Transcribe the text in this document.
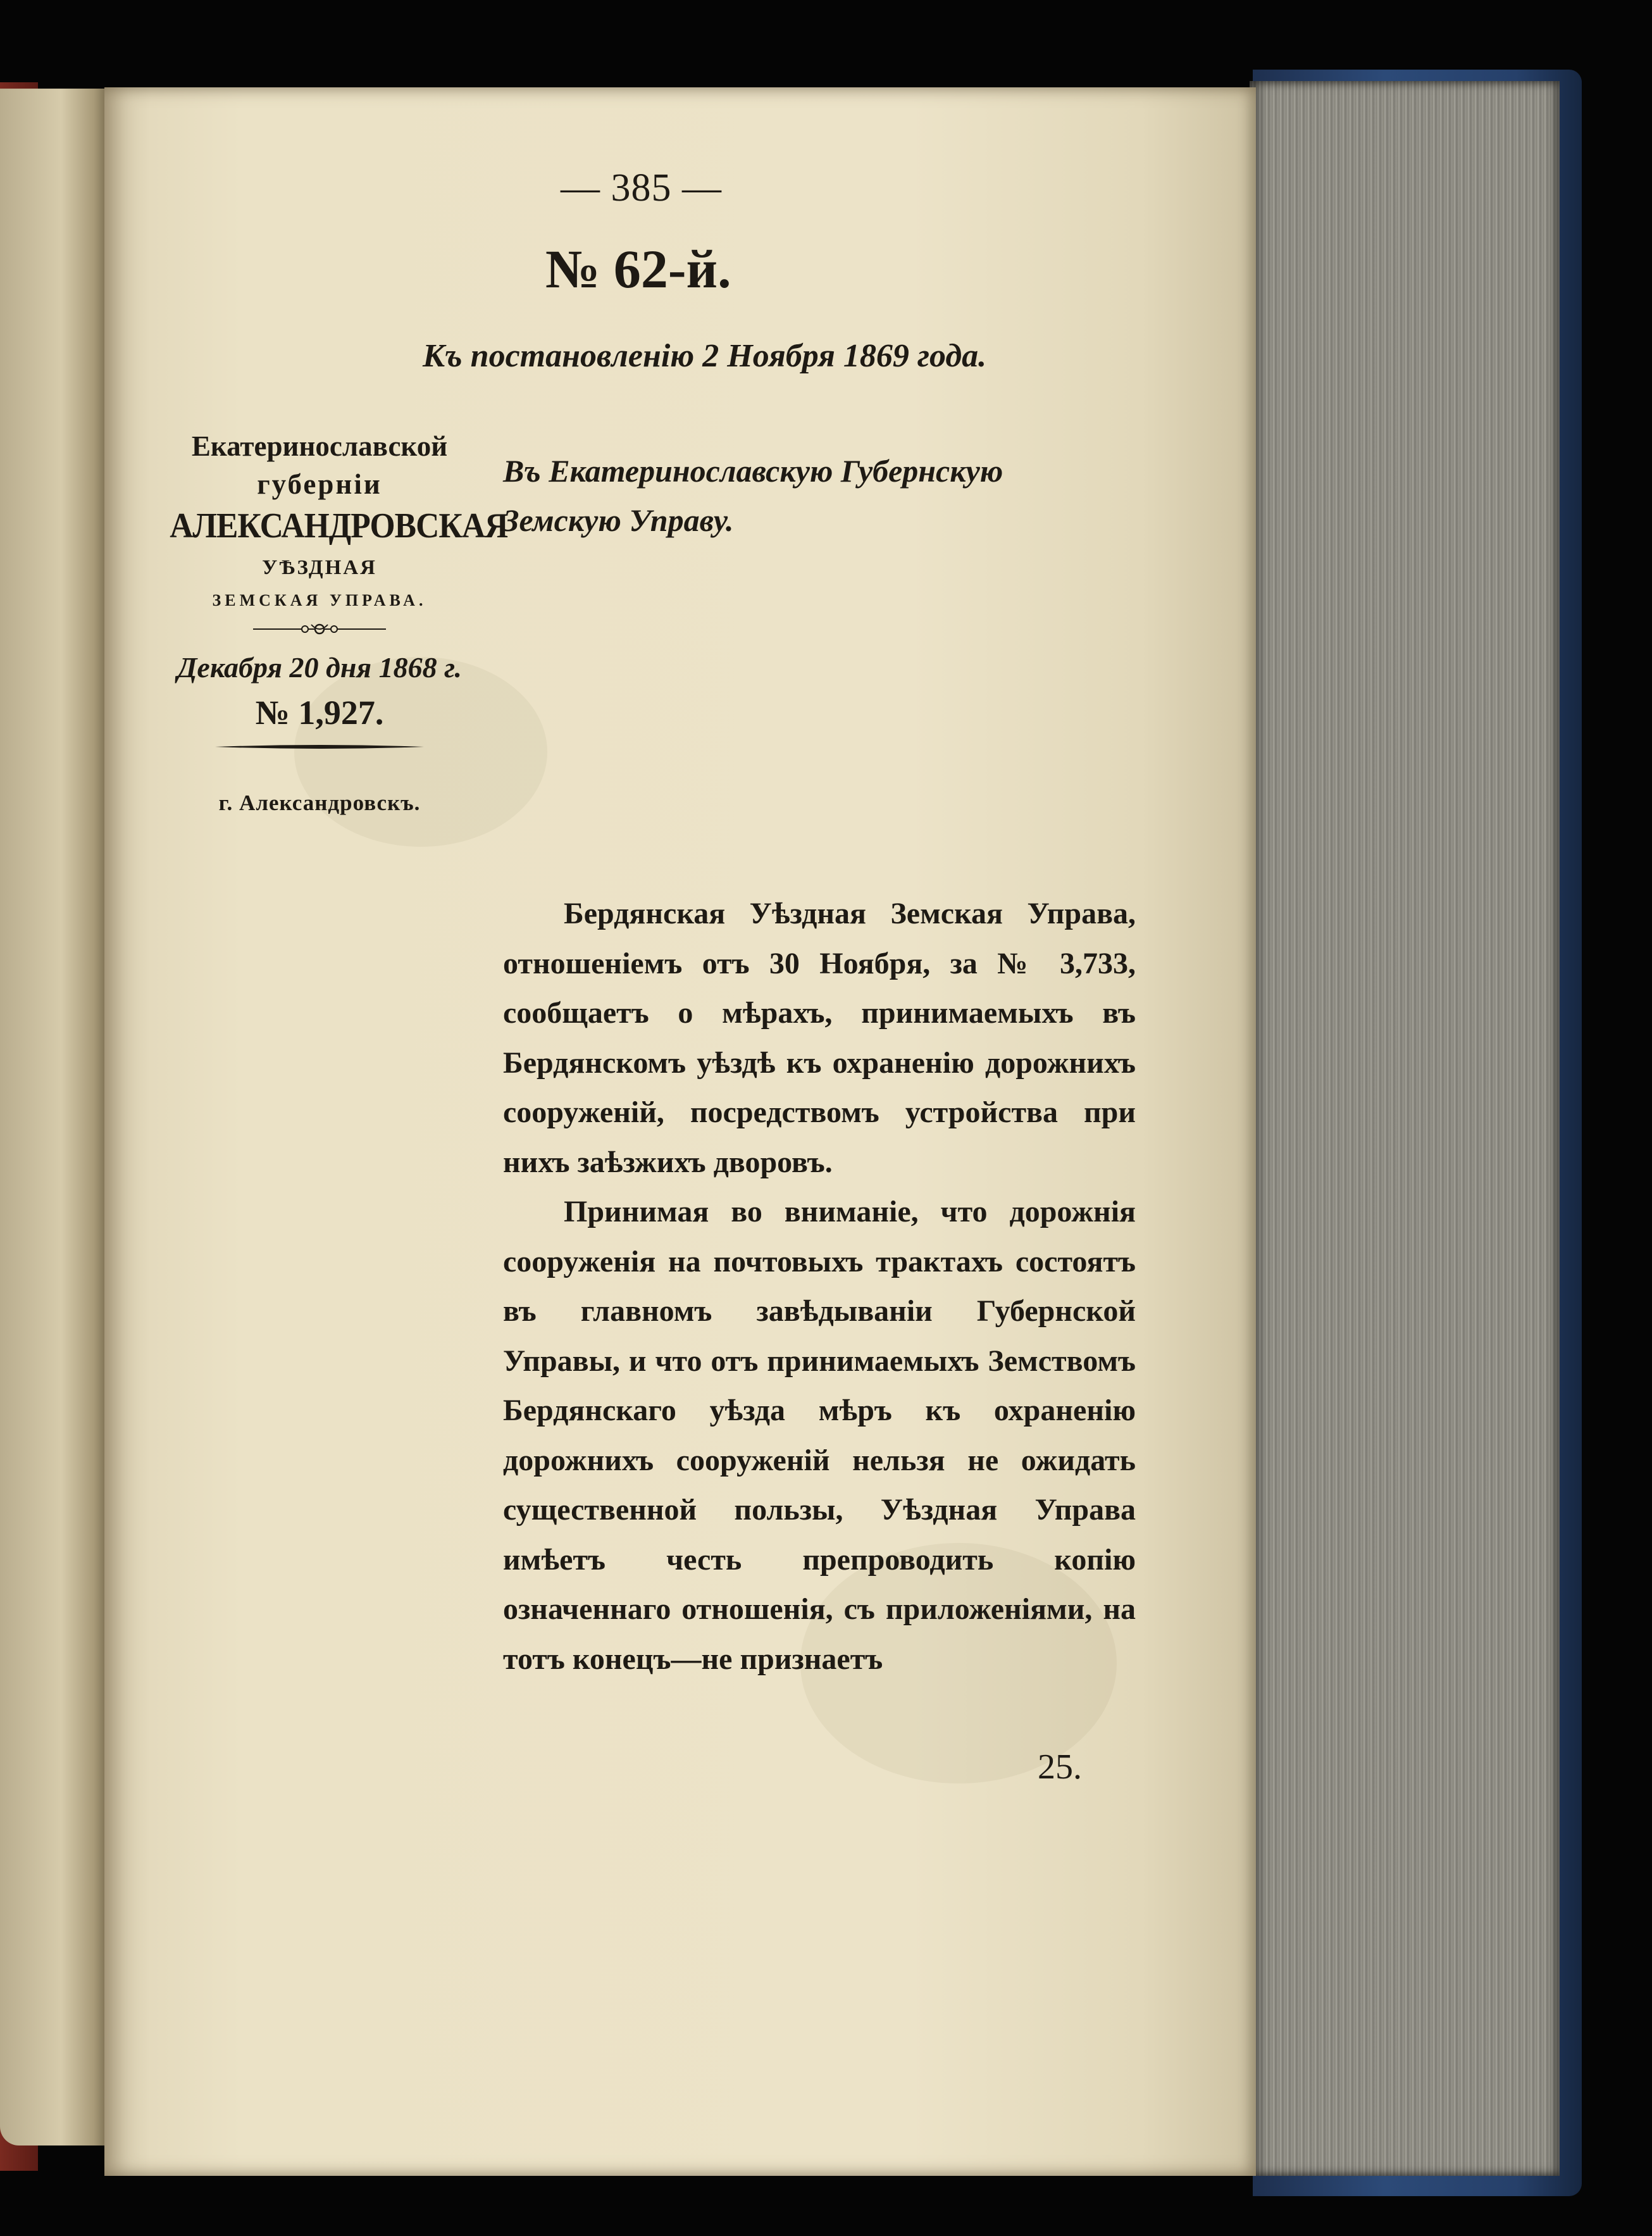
— 385 —
№ 62-й.
Къ постановленію 2 Ноября 1869 года.
Екатеринославской
губерніи
АЛЕКСАНДРОВСКАЯ
УѢЗДНАЯ
ЗЕМСКАЯ УПРАВА.
Декабря 20 дня 1868 г.
№ 1,927.
г. Александровскъ.
Въ Екатеринославскую Губернскую
Земскую Управу.

Бердянская Уѣздная Земская Управа, отношеніемъ отъ 30 Ноября, за № 3,733, сообщаетъ о мѣрахъ, принимаемыхъ въ Бердянскомъ уѣздѣ къ охраненію дорожнихъ сооруженій, посредствомъ устройства при нихъ заѣзжихъ дворовъ.

Принимая во вниманіе, что дорожнія сооруженія на почтовыхъ трактахъ состоятъ въ главномъ завѣдываніи Губернской Управы, и что отъ принимаемыхъ Земствомъ Бердянскаго уѣзда мѣръ къ охраненію дорожнихъ сооруженій нельзя не ожидать существенной пользы, Уѣздная Управа имѣетъ честь препроводить копію означеннаго отношенія, съ приложеніями, на тотъ конецъ—не признаетъ

25.
